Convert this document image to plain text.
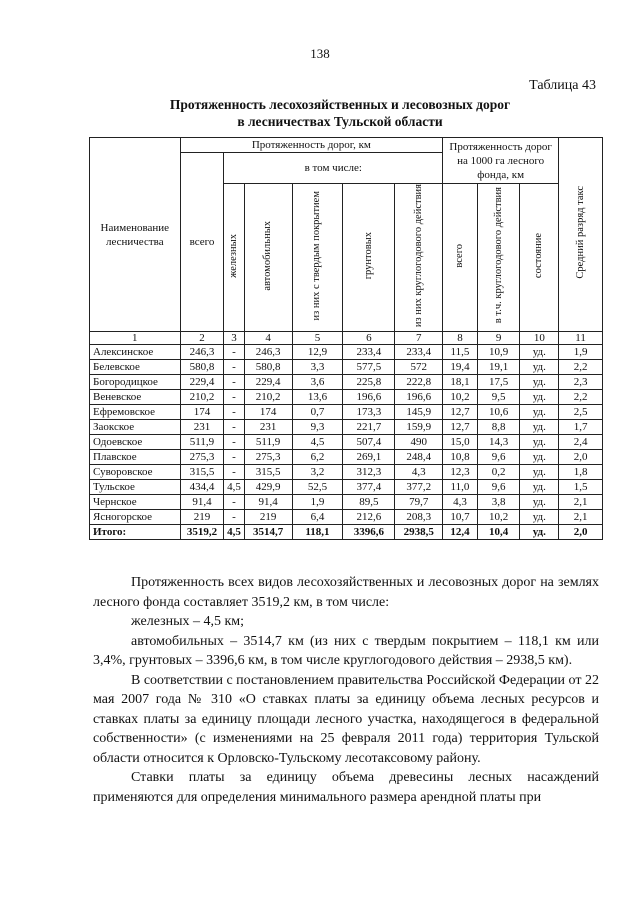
138
Таблица 43
Протяженность лесохозяйственных и лесовозных дорог
в лесничествах Тульской области
Наименование лесничества	Протяженность дорог, км						Протяженность дорог на 1000 га лесного фонда, км			Средний разряд такс
	всего	в том числе:								
		железных	автомобильных	из них с твердым покрытием	грунтовых	из них круглогодового действия	всего	в т.ч. круглогодового действия	состояние	
1	2	3	4	5	6	7	8	9	10	11
Алексинское	246,3	-	246,3	12,9	233,4	233,4	11,5	10,9	уд.	1,9
Белевское	580,8	-	580,8	3,3	577,5	572	19,4	19,1	уд.	2,2
Богородицкое	229,4	-	229,4	3,6	225,8	222,8	18,1	17,5	уд.	2,3
Веневское	210,2	-	210,2	13,6	196,6	196,6	10,2	9,5	уд.	2,2
Ефремовское	174	-	174	0,7	173,3	145,9	12,7	10,6	уд.	2,5
Заокское	231	-	231	9,3	221,7	159,9	12,7	8,8	уд.	1,7
Одоевское	511,9	-	511,9	4,5	507,4	490	15,0	14,3	уд.	2,4
Плавское	275,3	-	275,3	6,2	269,1	248,4	10,8	9,6	уд.	2,0
Суворовское	315,5	-	315,5	3,2	312,3	4,3	12,3	0,2	уд.	1,8
Тульское	434,4	4,5	429,9	52,5	377,4	377,2	11,0	9,6	уд.	1,5
Чернское	91,4	-	91,4	1,9	89,5	79,7	4,3	3,8	уд.	2,1
Ясногорское	219	-	219	6,4	212,6	208,3	10,7	10,2	уд.	2,1
Итого:	3519,2	4,5	3514,7	118,1	3396,6	2938,5	12,4	10,4	уд.	2,0

Протяженность всех видов лесохозяйственных и лесовозных дорог на землях лесного фонда составляет 3519,2 км, в том числе:

железных – 4,5 км;

автомобильных – 3514,7 км (из них с твердым покрытием – 118,1 км или 3,4%, грунтовых – 3396,6 км, в том числе круглогодового действия – 2938,5 км).

В соответствии с постановлением правительства Российской Федерации от 22 мая 2007 года № 310 «О ставках платы за единицу объема лесных ресурсов и ставках платы за единицу площади лесного участка, находящегося в федеральной собственности» (с изменениями на 25 февраля 2011 года) территория Тульской области относится к Орловско-Тульскому лесотаксовому району.

Ставки платы за единицу объема древесины лесных насаждений применяются для определения минимального размера арендной платы при
